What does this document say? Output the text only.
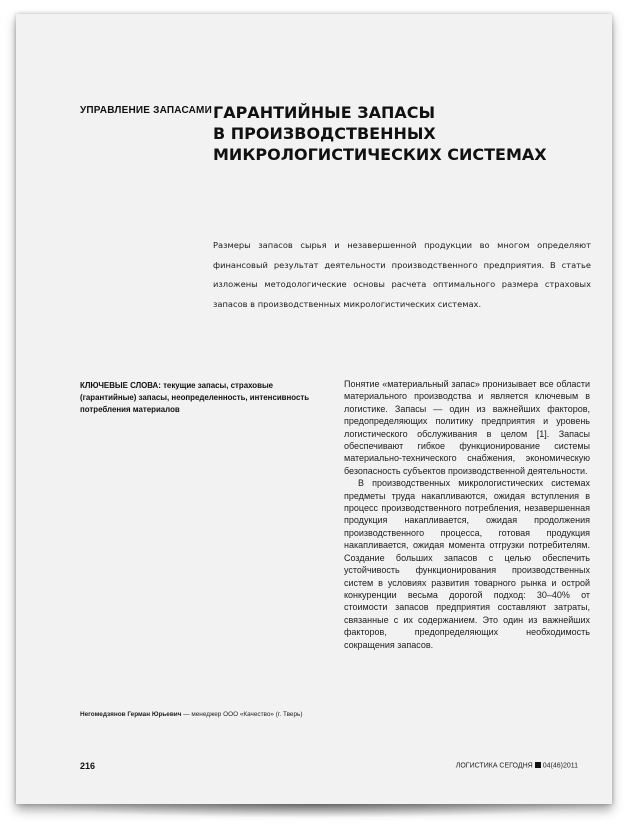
УПРАВЛЕНИЕ ЗАПАСАМИ ГАРАНТИЙНЫЕ ЗАПАСЫ
В ПРОИЗВОДСТВЕННЫХ
МИКРОЛОГИСТИЧЕСКИХ СИСТЕМАХ

Размеры запасов сырья и незавершенной продукции во многом определяют финансовый результат деятельности производственного предприятия. В статье изложены методологические основы расчета оптимального размера страховых запасов в производственных микрологистических системах.

КЛЮЧЕВЫЕ СЛОВА: текущие запасы, страховые (гарантийные) запасы, неопределенность, интенсивность потребления материалов

Понятие «материальный запас» пронизывает все области материального производства и является ключевым в логистике. Запасы — один из важнейших факторов, предопределяющих политику предприятия и уровень логистического обслуживания в целом [1]. Запасы обеспечивают гибкое функционирование системы материально-технического снабжения, экономическую безопасность субъектов производственной деятельности.

В производственных микрологистических системах предметы труда накапливаются, ожидая вступления в процесс производственного потребления, незавершенная продукция накапливается, ожидая продолжения производственного процесса, готовая продукция накапливается, ожидая момента отгрузки потребителям. Создание больших запасов с целью обеспечить устойчивость функционирования производственных систем в условиях развития товарного рынка и острой конкуренции весьма дорогой подход: 30–40% от стоимости запасов предприятия составляют затраты, связанные с их содержанием. Это один из важнейших факторов, предопределяющих необходимость сокращения запасов.

Негомедзянов Герман Юрьевич — менеджер ООО «Качество» (г. Тверь)
216	ЛОГИСТИКА СЕГОДНЯ 04(46)2011
